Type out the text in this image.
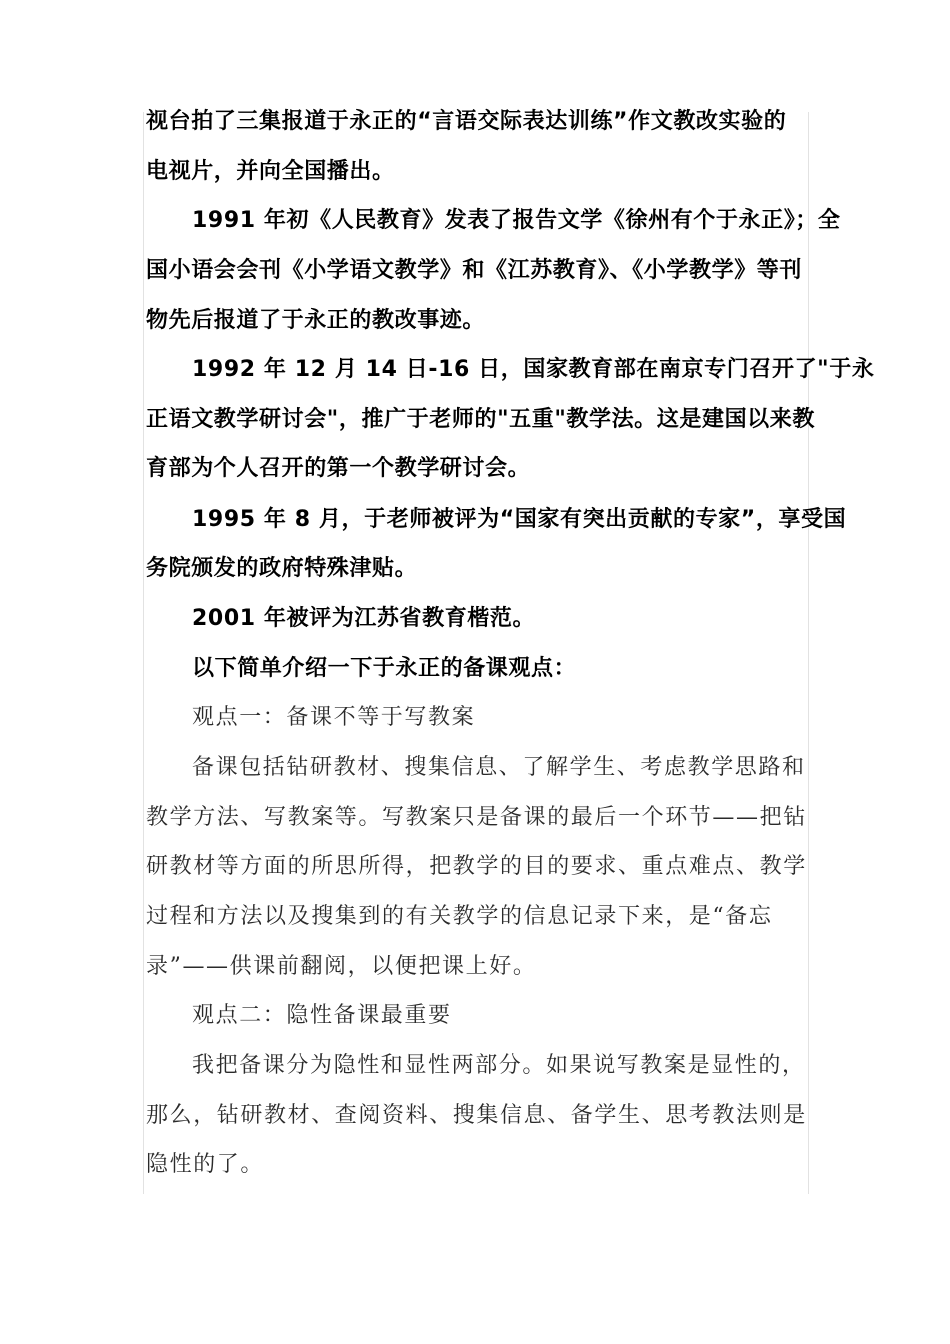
视台拍了三集报道于永正的“言语交际表达训练”作文教改实验的
电视片，并向全国播出。
1991 年初《人民教育》发表了报告文学《徐州有个于永正》；全
国小语会会刊《小学语文教学》和《江苏教育》、《小学教学》等刊
物先后报道了于永正的教改事迹。
1992 年 12 月 14 日-16 日，国家教育部在南京专门召开了"于永
正语文教学研讨会"，推广于老师的"五重"教学法。这是建国以来教
育部为个人召开的第一个教学研讨会。
1995 年 8 月，于老师被评为“国家有突出贡献的专家”，享受国
务院颁发的政府特殊津贴。
2001 年被评为江苏省教育楷范。
以下简单介绍一下于永正的备课观点：
观点一：备课不等于写教案
备课包括钻研教材、搜集信息、了解学生、考虑教学思路和
教学方法、写教案等。写教案只是备课的最后一个环节——把钻
研教材等方面的所思所得，把教学的目的要求、重点难点、教学
过程和方法以及搜集到的有关教学的信息记录下来，是“备忘
录”——供课前翻阅，以便把课上好。
观点二：隐性备课最重要
我把备课分为隐性和显性两部分。如果说写教案是显性的，
那么，钻研教材、查阅资料、搜集信息、备学生、思考教法则是
隐性的了。
